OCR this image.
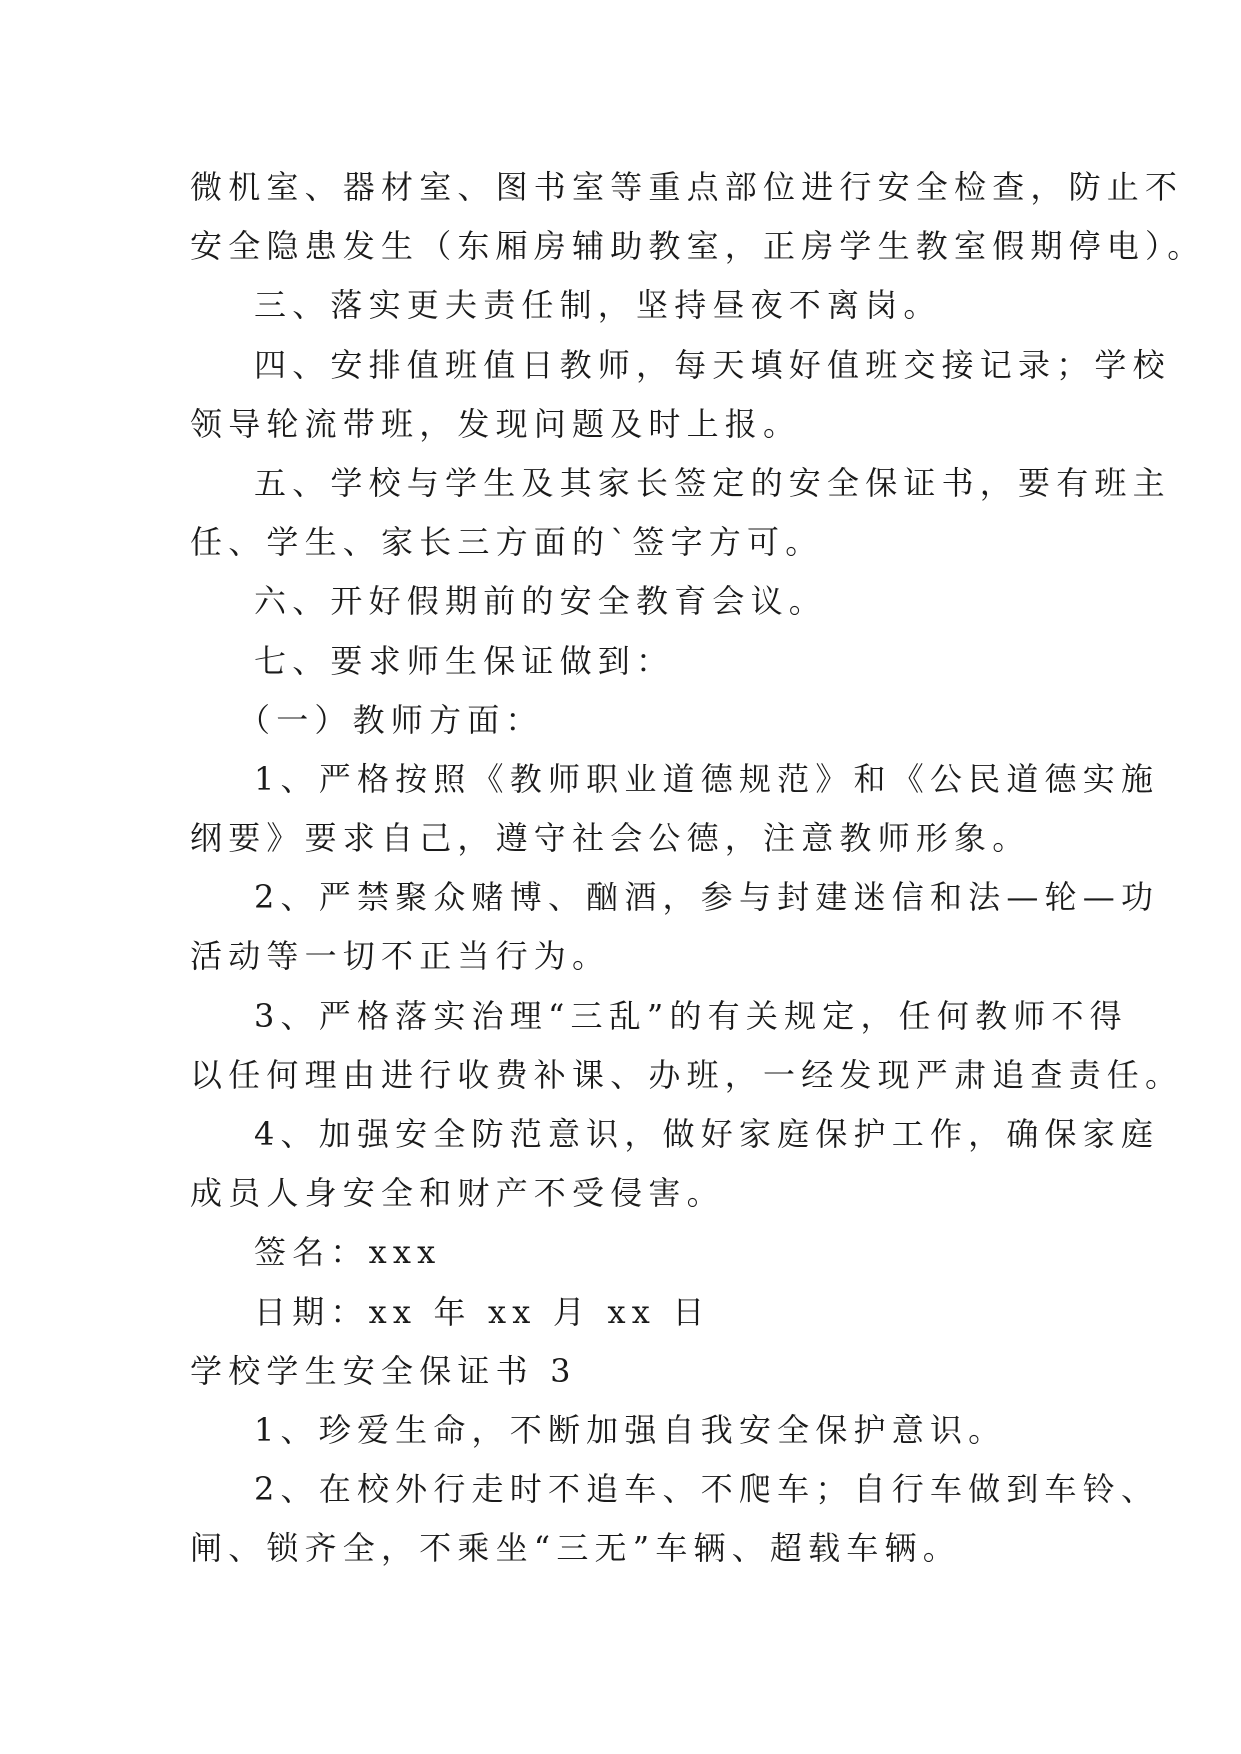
微机室、器材室、图书室等重点部位进行安全检查，防止不
安全隐患发生（东厢房辅助教室，正房学生教室假期停电）。
三、落实更夫责任制，坚持昼夜不离岗。
四、安排值班值日教师，每天填好值班交接记录；学校
领导轮流带班，发现问题及时上报。
五、学校与学生及其家长签定的安全保证书，要有班主
任、学生、家长三方面的`签字方可。
六、开好假期前的安全教育会议。
七、要求师生保证做到：
（一）教师方面：
1、严格按照《教师职业道德规范》和《公民道德实施
纲要》要求自己，遵守社会公德，注意教师形象。
2、严禁聚众赌博、酗酒，参与封建迷信和法—轮—功
活动等一切不正当行为。
3、严格落实治理“三乱”的有关规定，任何教师不得
以任何理由进行收费补课、办班，一经发现严肃追查责任。
4、加强安全防范意识，做好家庭保护工作，确保家庭
成员人身安全和财产不受侵害。
签名：xxx
日期：xx 年 xx 月 xx 日
学校学生安全保证书 3
1、珍爱生命，不断加强自我安全保护意识。
2、在校外行走时不追车、不爬车；自行车做到车铃、
闸、锁齐全，不乘坐“三无”车辆、超载车辆。
